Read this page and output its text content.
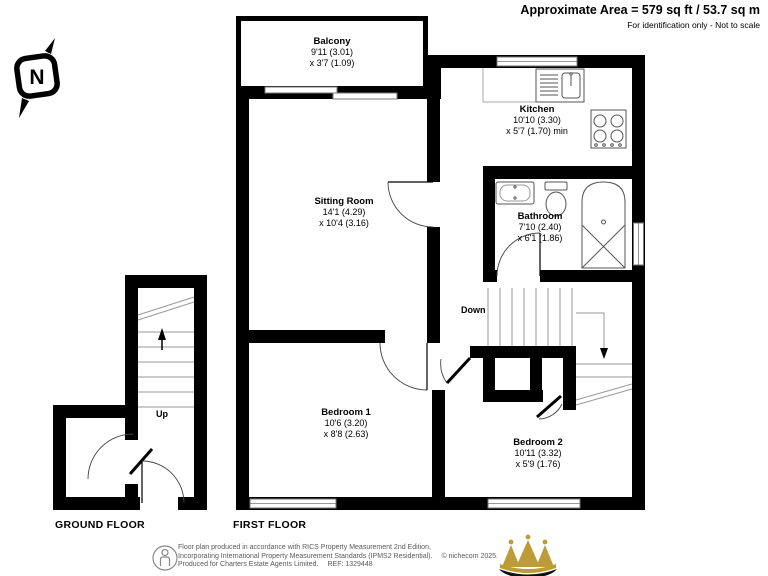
N
Approximate Area = 579 sq ft / 53.7 sq m
For identification only - Not to scale
Balcony
9'11 (3.01)
x 3'7 (1.09)
Kitchen
10'10 (3.30)
x 5'7 (1.70) min
Sitting Room
14'1 (4.29)
x 10'4 (3.16)
Bathroom
7'10 (2.40)
x 6'1 (1.86)
Bedroom 1
10'6 (3.20)
x 8'8 (2.63)
Bedroom 2
10'11 (3.32)
x 5'9 (1.76)
Down
Up
GROUND FLOOR	FIRST FLOOR
Floor plan produced in accordance with RICS Property Measurement 2nd Edition,
Incorporating International Property Measurement Standards (IPMS2 Residential). © nichecom 2025.
Produced for Charters Estate Agents Limited. REF: 1329448
